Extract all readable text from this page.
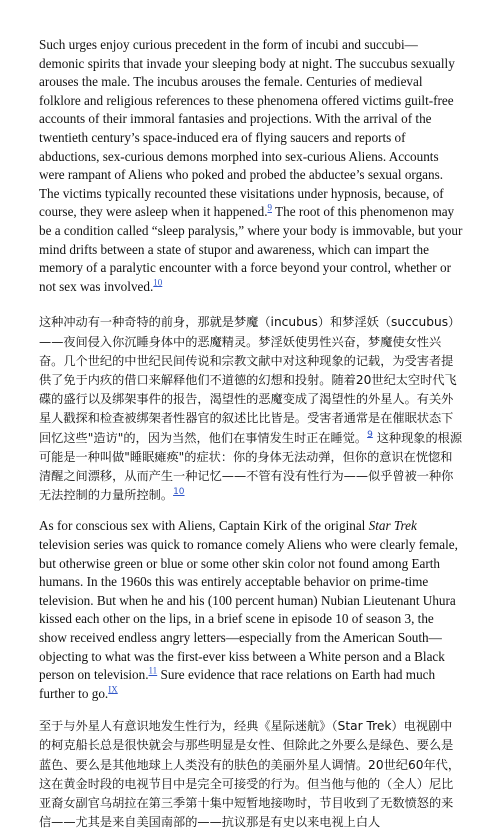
Such urges enjoy curious precedent in the form of incubi and succubi—demonic spirits that invade your sleeping body at night. The succubus sexually arouses the male. The incubus arouses the female. Centuries of medieval folklore and religious references to these phenomena offered victims guilt-free accounts of their immoral fantasies and projections. With the arrival of the twentieth century’s space-induced era of flying saucers and reports of abductions, sex-curious demons morphed into sex-curious Aliens. Accounts were rampant of Aliens who poked and probed the abductee’s sexual organs. The victims typically recounted these visitations under hypnosis, because, of course, they were asleep when it happened.$^9$ The root of this phenomenon may be a condition called “sleep paralysis,” where your body is immovable, but your mind drifts between a state of stupor and awareness, which can impart the memory of a paralytic encounter with a force beyond your control, whether or not sex was involved.$^{10}$

这种冲动有一种奇特的前身，那就是梦魔（incubus）和梦淫妖（succubus）——夜间侵入你沉睡身体中的恶魔精灵。梦淫妖使男性兴奋，梦魔使女性兴奋。几个世纪的中世纪民间传说和宗教文献中对这种现象的记载，为受害者提供了免于内疚的借口来解释他们不道德的幻想和投射。随着20世纪太空时代飞碟的盛行以及绑架事件的报告，渴望性的恶魔变成了渴望性的外星人。有关外星人戳探和检查被绑架者性器官的叙述比比皆是。受害者通常是在催眠状态下回忆这些"造访"的，因为当然，他们在事情发生时正在睡觉。$^9$ 这种现象的根源可能是一种叫做"睡眠瘫痪"的症状：你的身体无法动弹，但你的意识在恍惚和清醒之间漂移，从而产生一种记忆——不管有没有性行为——似乎曾被一种你无法控制的力量所控制。$^{10}$

As for conscious sex with Aliens, Captain Kirk of the original Star Trek television series was quick to romance comely Aliens who were clearly female, but otherwise green or blue or some other skin color not found among Earth humans. In the 1960s this was entirely acceptable behavior on prime-time television. But when he and his (100 percent human) Nubian Lieutenant Uhura kissed each other on the lips, in a brief scene in episode 10 of season 3, the show received endless angry letters—especially from the American South—objecting to what was the first-ever kiss between a White person and a Black person on television.$^{11}$ Sure evidence that race relations on Earth had much further to go.$^{IX}$

至于与外星人有意识地发生性行为，经典《星际迷航》（Star Trek）电视剧中的柯克船长总是很快就会与那些明显是女性、但除此之外要么是绿色、要么是蓝色、要么是其他地球上人类没有的肤色的美丽外星人调情。20世纪60年代，这在黄金时段的电视节目中是完全可接受的行为。但当他与他的（全人）尼比亚裔女副官乌胡拉在第三季第十集中短暂地接吻时，节目收到了无数愤怒的来信——尤其是来自美国南部的——抗议那是有史以来电视上白人
